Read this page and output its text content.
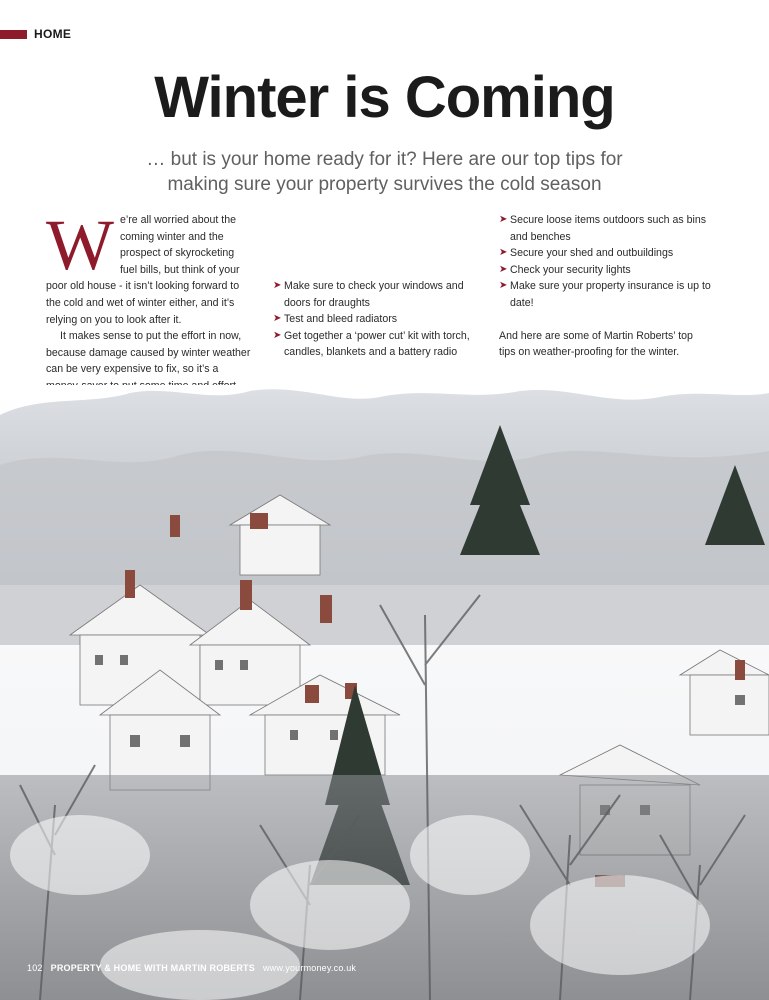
HOME
Winter is Coming
… but is your home ready for it? Here are our top tips for
making sure your property survives the cold season

We’re all worried about the coming winter and the prospect of skyrocketing fuel bills, but think of your poor old house - it isn’t looking forward to the cold and wet of winter either, and it’s relying on you to look after it.

It makes sense to put the effort in now, because damage caused by winter weather can be very expensive to fix, so it’s a

➤ Make sure to check your windows and doors for draughts
➤ Test and bleed radiators
➤ Get together a ‘power cut’ kit with torch, candles, blankets and a battery radio
➤ Secure loose items outdoors such as bins and benches
➤ Secure your shed and outbuildings
➤ Check your security lights
➤ Make sure your property insurance is up to date!

And here are some of Martin Roberts’ top tips on weather-proofing for the winter.

102 PROPERTY & HOME WITH MARTIN ROBERTS www.yourmoney.co.uk
